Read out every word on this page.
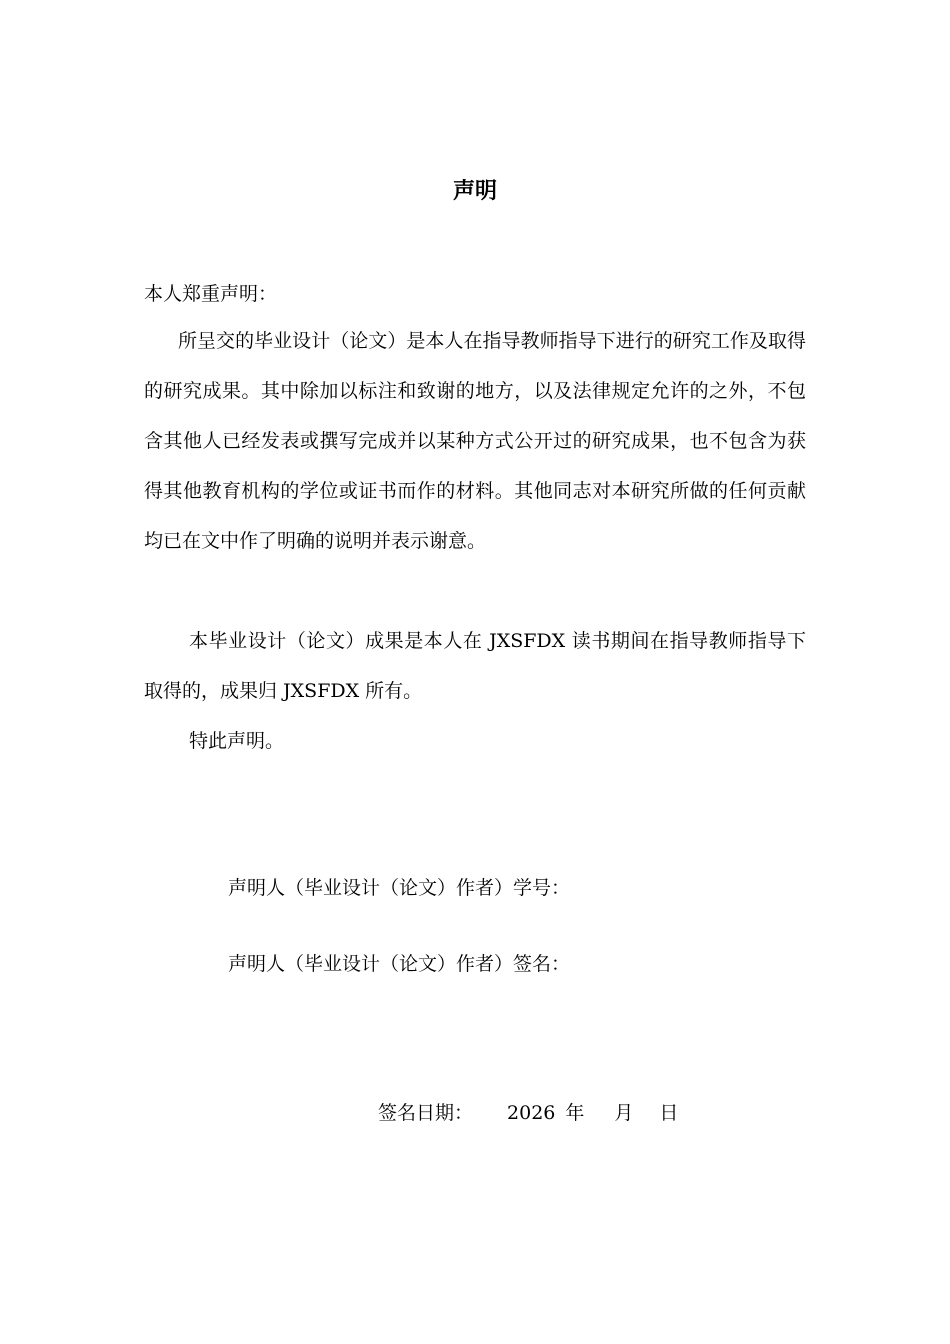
声明
本人郑重声明：
所呈交的毕业设计（论文）是本人在指导教师指导下进行的研究工作及取得的研究成果。其中除加以标注和致谢的地方，以及法律规定允许的之外，不包含其他人已经发表或撰写完成并以某种方式公开过的研究成果，也不包含为获得其他教育机构的学位或证书而作的材料。其他同志对本研究所做的任何贡献均已在文中作了明确的说明并表示谢意。
本毕业设计（论文）成果是本人在 JXSFDX 读书期间在指导教师指导下取得的，成果归 JXSFDX 所有。
特此声明。
声明人（毕业设计（论文）作者）学号：
声明人（毕业设计（论文）作者）签名：
签名日期： 2026 年 月 日
